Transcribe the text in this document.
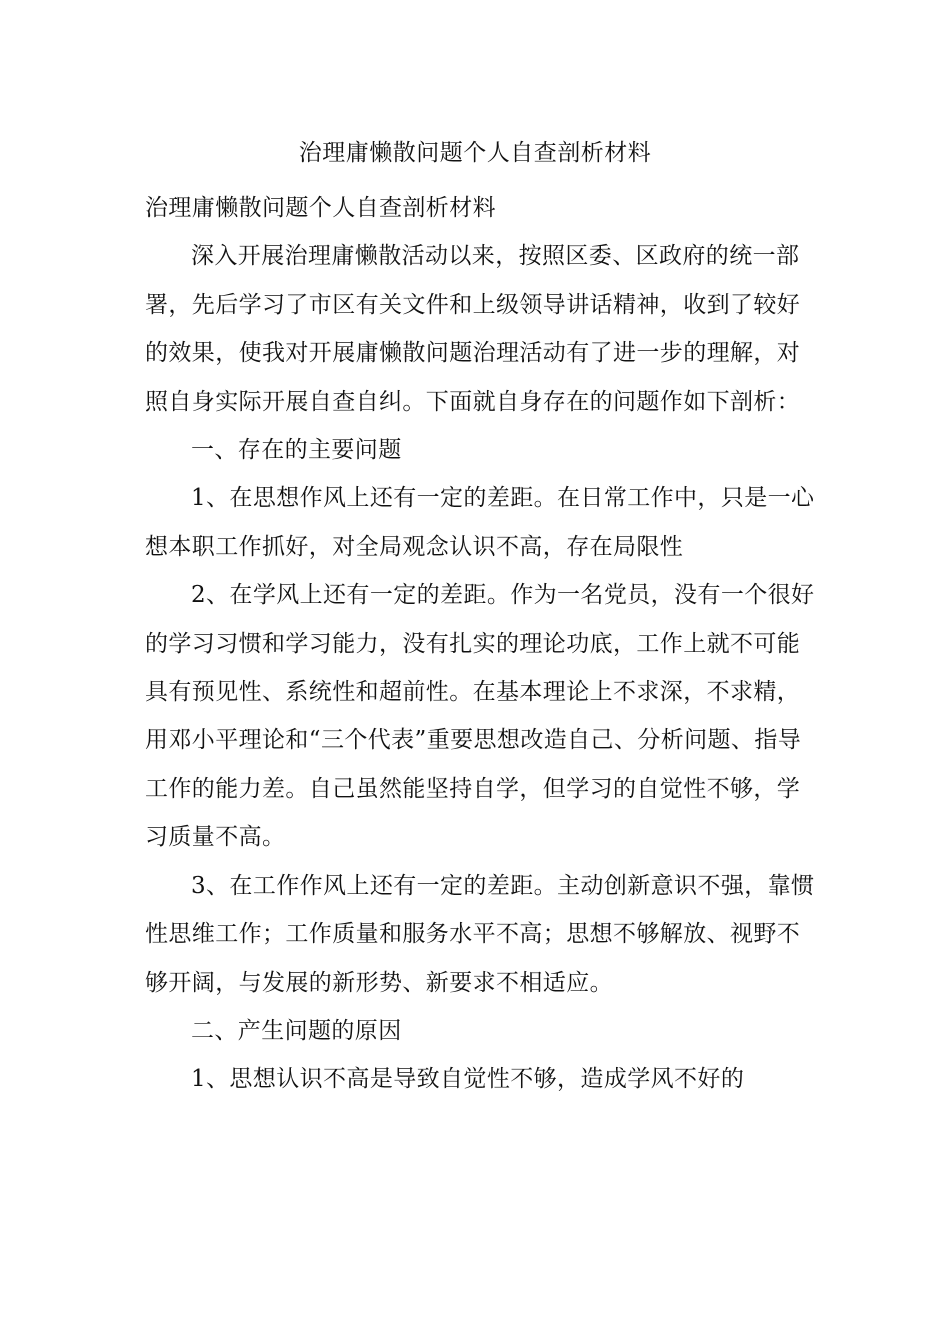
治理庸懒散问题个人自查剖析材料

治理庸懒散问题个人自查剖析材料

深入开展治理庸懒散活动以来，按照区委、区政府的统一部署，先后学习了市区有关文件和上级领导讲话精神，收到了较好的效果，使我对开展庸懒散问题治理活动有了进一步的理解，对照自身实际开展自查自纠。下面就自身存在的问题作如下剖析：

一、存在的主要问题

1、在思想作风上还有一定的差距。在日常工作中，只是一心想本职工作抓好，对全局观念认识不高，存在局限性

2、在学风上还有一定的差距。作为一名党员，没有一个很好的学习习惯和学习能力，没有扎实的理论功底，工作上就不可能具有预见性、系统性和超前性。在基本理论上不求深，不求精，用邓小平理论和“三个代表”重要思想改造自己、分析问题、指导工作的能力差。自己虽然能坚持自学，但学习的自觉性不够，学习质量不高。

3、在工作作风上还有一定的差距。主动创新意识不强，靠惯性思维工作；工作质量和服务水平不高；思想不够解放、视野不够开阔，与发展的新形势、新要求不相适应。

二、产生问题的原因

1、思想认识不高是导致自觉性不够，造成学风不好的
